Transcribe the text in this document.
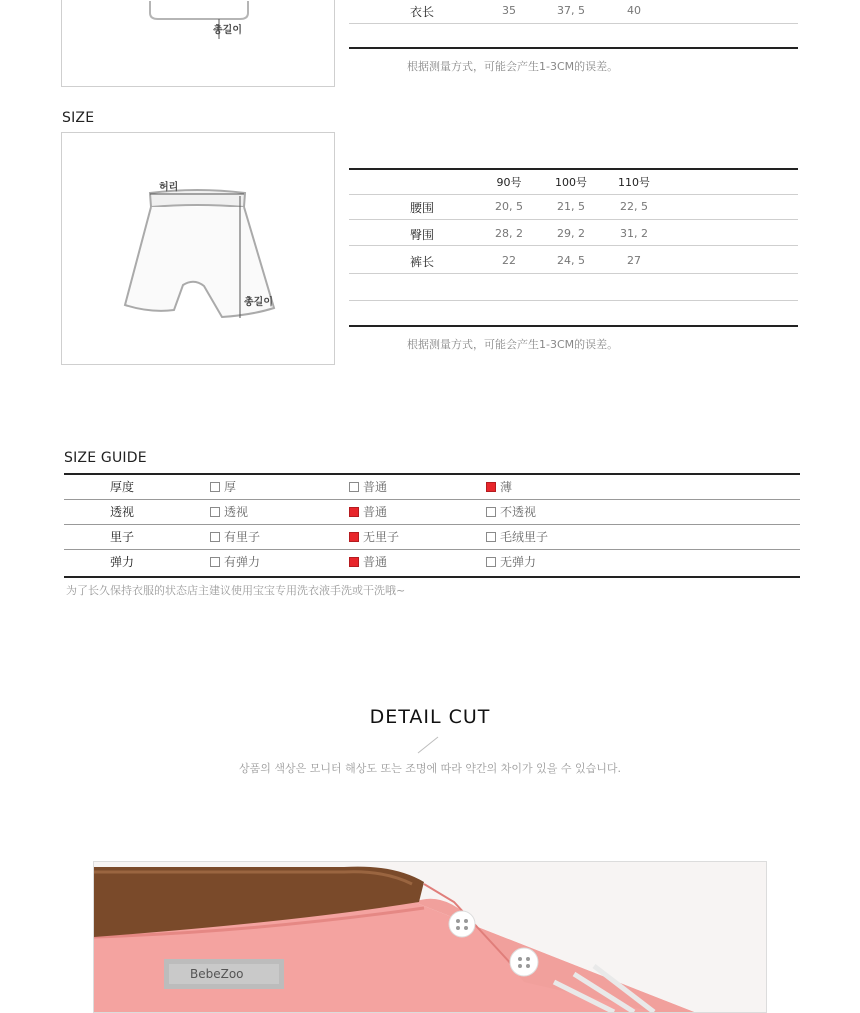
총길이
衣长	35	37, 5	40
根据测量方式，可能会产生1-3CM的误差。
SIZE
허리
총길이
90号	100号	110号
腰围	20, 5	21, 5	22, 5
臀围	28, 2	29, 2	31, 2
裤长	22	24, 5	27
根据测量方式，可能会产生1-3CM的误差。
SIZE GUIDE
厚度	厚	普通	薄
透视	透视	普通	不透视
里子	有里子	无里子	毛绒里子
弹力	有弹力	普通	无弹力
为了长久保持衣服的状态店主建议使用宝宝专用洗衣液手洗或干洗哦~
DETAIL CUT
상품의 색상은 모니터 해상도 또는 조명에 따라 약간의 차이가 있을 수 있습니다.
BebeZoo
